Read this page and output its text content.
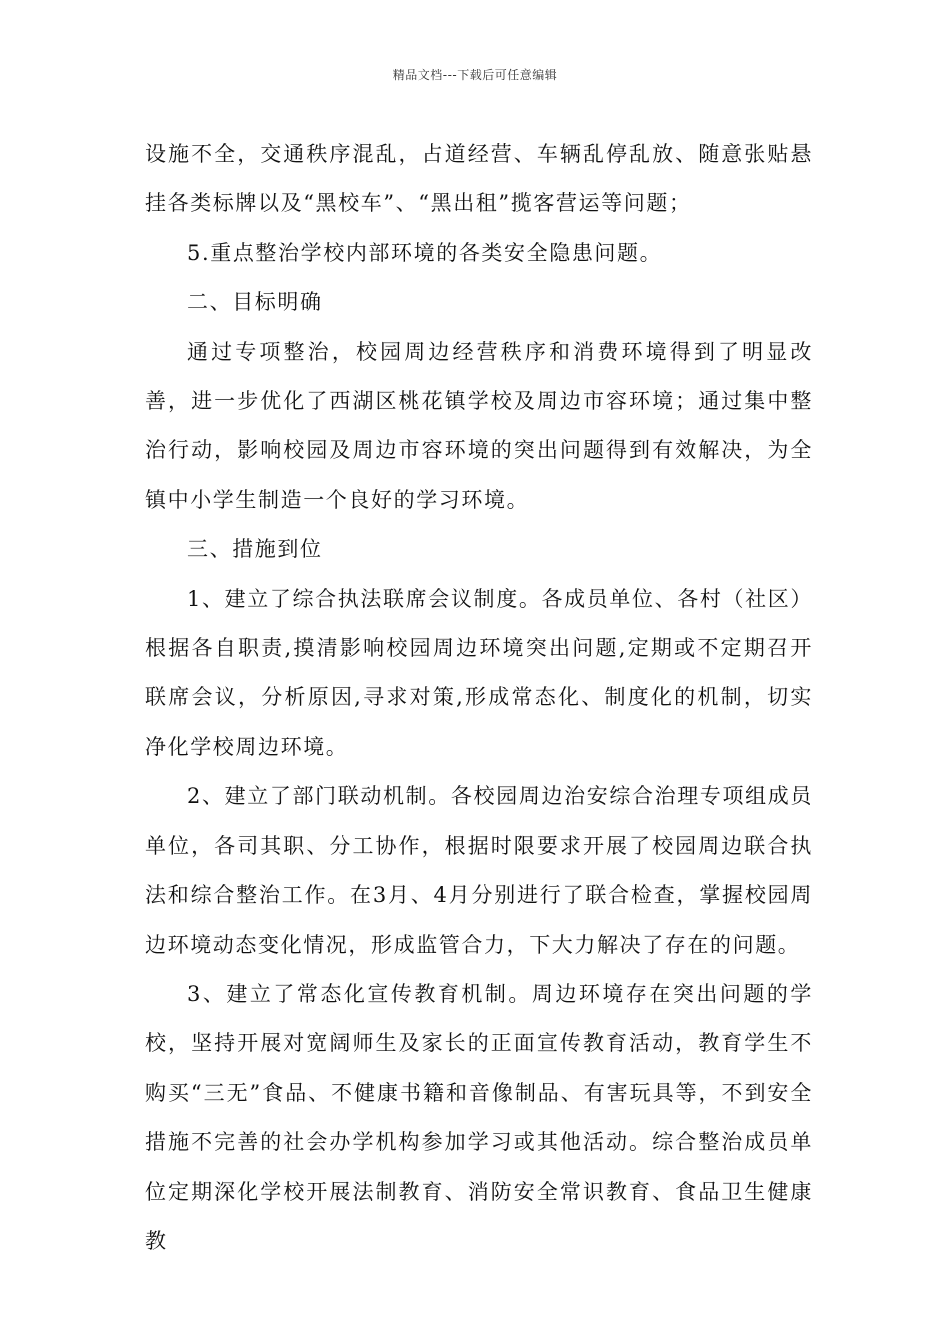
精品文档---下载后可任意编辑

设施不全，交通秩序混乱，占道经营、车辆乱停乱放、随意张贴悬挂各类标牌以及“黑校车”、“黑出租”揽客营运等问题；

5.重点整治学校内部环境的各类安全隐患问题。

二、目标明确

通过专项整治，校园周边经营秩序和消费环境得到了明显改善，进一步优化了西湖区桃花镇学校及周边市容环境；通过集中整治行动，影响校园及周边市容环境的突出问题得到有效解决，为全镇中小学生制造一个良好的学习环境。

三、措施到位

1、建立了综合执法联席会议制度。各成员单位、各村（社区）根据各自职责,摸清影响校园周边环境突出问题,定期或不定期召开联席会议，分析原因,寻求对策,形成常态化、制度化的机制，切实净化学校周边环境。

2、建立了部门联动机制。各校园周边治安综合治理专项组成员单位，各司其职、分工协作，根据时限要求开展了校园周边联合执法和综合整治工作。在3月、4月分别进行了联合检查，掌握校园周边环境动态变化情况，形成监管合力，下大力解决了存在的问题。

3、建立了常态化宣传教育机制。周边环境存在突出问题的学校，坚持开展对宽阔师生及家长的正面宣传教育活动，教育学生不购买“三无”食品、不健康书籍和音像制品、有害玩具等，不到安全措施不完善的社会办学机构参加学习或其他活动。综合整治成员单位定期深化学校开展法制教育、消防安全常识教育、食品卫生健康教
